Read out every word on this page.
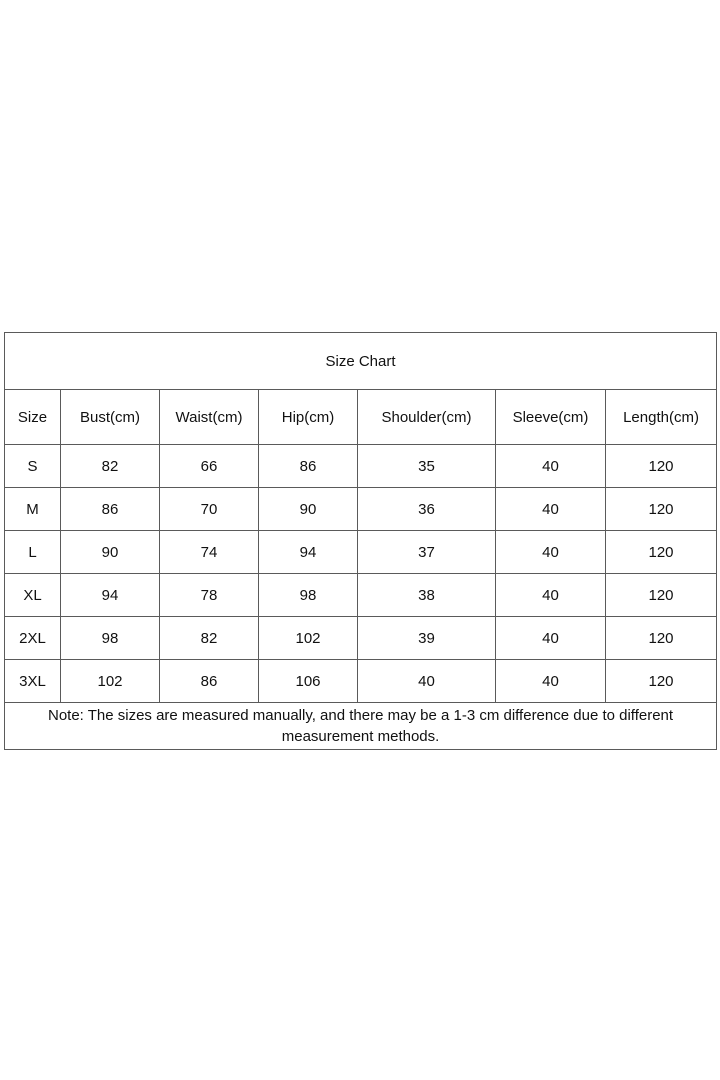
Size Chart						
Size	Bust(cm)	Waist(cm)	Hip(cm)	Shoulder(cm)	Sleeve(cm)	Length(cm)
S	82	66	86	35	40	120
M	86	70	90	36	40	120
L	90	74	94	37	40	120
XL	94	78	98	38	40	120
2XL	98	82	102	39	40	120
3XL	102	86	106	40	40	120
Note: The sizes are measured manually, and there may be a 1-3 cm difference due to different measurement methods.						
